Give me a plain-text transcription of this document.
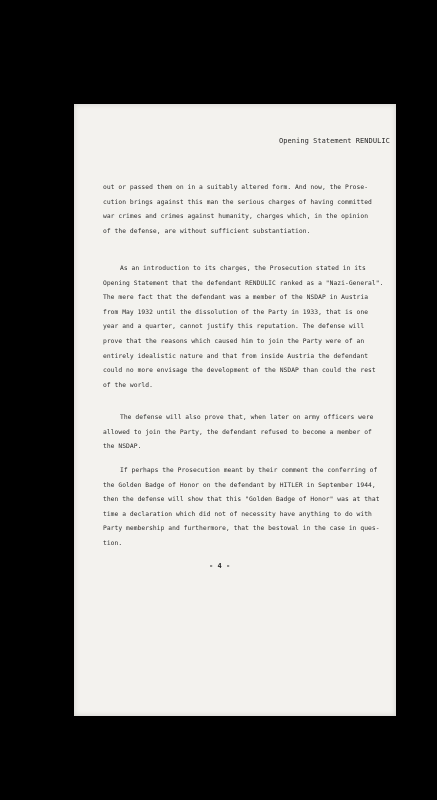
Opening Statement RENDULIC

out or passed them on in a suitably altered form. And now, the Prose-
cution brings against this man the serious charges of having committed
war crimes and crimes against humanity, charges which, in the opinion
of the defense, are without sufficient substantiation.

As an introduction to its charges, the Prosecution stated in its
Opening Statement that the defendant RENDULIC ranked as a "Nazi-General".
The mere fact that the defendant was a member of the NSDAP in Austria
from May 1932 until the dissolution of the Party in 1933, that is one
year and a quarter, cannot justify this reputation. The defense will
prove that the reasons which caused him to join the Party were of an
entirely idealistic nature and that from inside Austria the defendant
could no more envisage the development of the NSDAP than could the rest
of the world.

The defense will also prove that, when later on army officers were
allowed to join the Party, the defendant refused to become a member of
the NSDAP.

If perhaps the Prosecution meant by their comment the conferring of
the Golden Badge of Honor on the defendant by HITLER in September 1944,
then the defense will show that this "Golden Badge of Honor" was at that
time a declaration which did not of necessity have anything to do with
Party membership and furthermore, that the bestowal in the case in ques-
tion.

- 4 -
